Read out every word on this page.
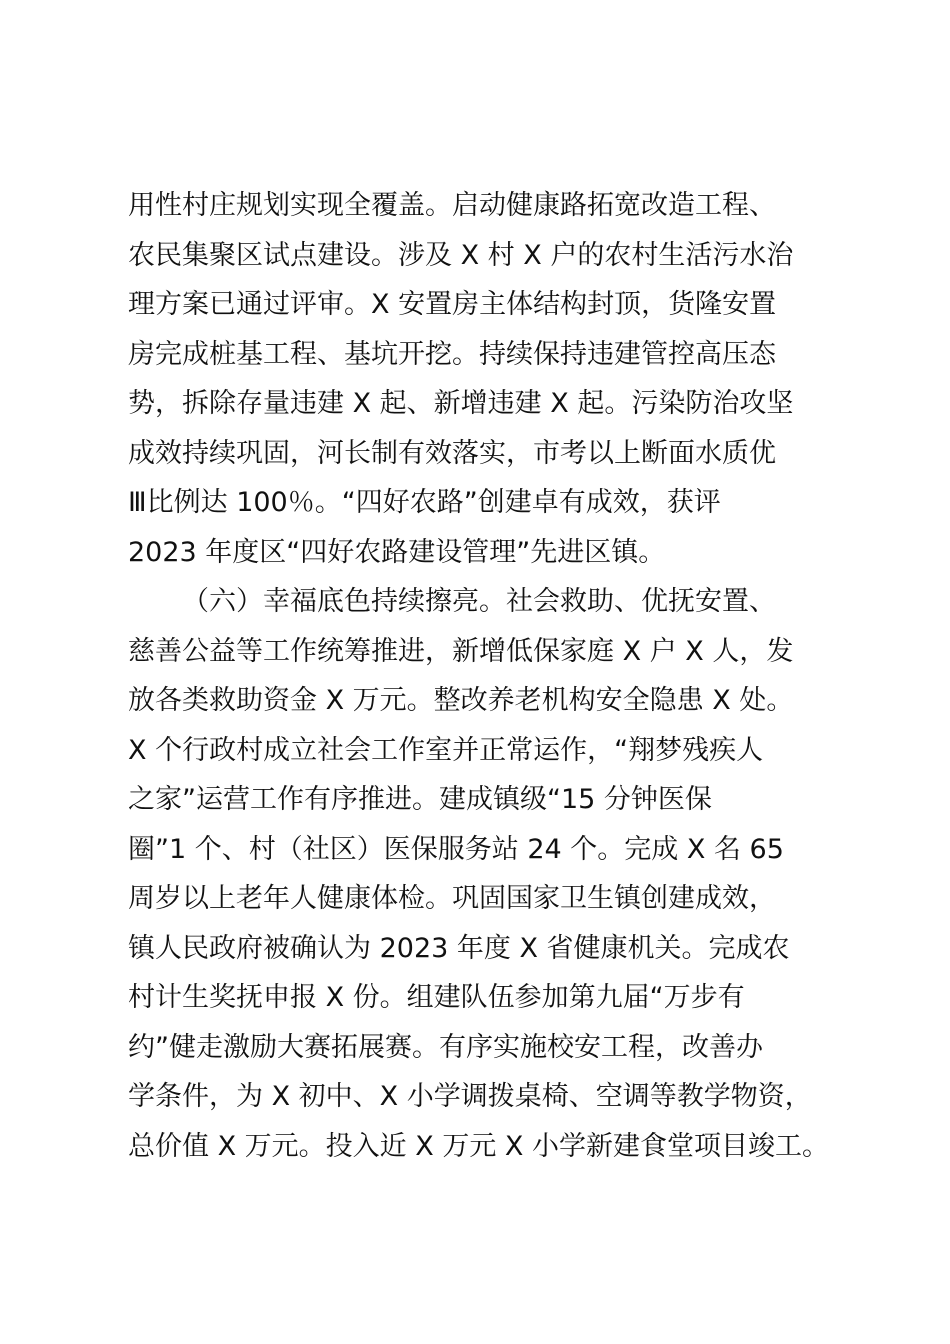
用性村庄规划实现全覆盖。启动健康路拓宽改造工程、
农民集聚区试点建设。涉及 X 村 X 户的农村生活污水治
理方案已通过评审。X 安置房主体结构封顶，货隆安置
房完成桩基工程、基坑开挖。持续保持违建管控高压态
势，拆除存量违建 X 起、新增违建 X 起。污染防治攻坚
成效持续巩固，河长制有效落实，市考以上断面水质优
Ⅲ比例达 100％。“四好农路”创建卓有成效，获评
2023 年度区“四好农路建设管理”先进区镇。
（六）幸福底色持续擦亮。社会救助、优抚安置、
慈善公益等工作统筹推进，新增低保家庭 X 户 X 人，发
放各类救助资金 X 万元。整改养老机构安全隐患 X 处。
X 个行政村成立社会工作室并正常运作，“翔梦残疾人
之家”运营工作有序推进。建成镇级“15 分钟医保
圈”1 个、村（社区）医保服务站 24 个。完成 X 名 65
周岁以上老年人健康体检。巩固国家卫生镇创建成效，
镇人民政府被确认为 2023 年度 X 省健康机关。完成农
村计生奖抚申报 X 份。组建队伍参加第九届“万步有
约”健走激励大赛拓展赛。有序实施校安工程，改善办
学条件，为 X 初中、X 小学调拨桌椅、空调等教学物资，
总价值 X 万元。投入近 X 万元 X 小学新建食堂项目竣工。
